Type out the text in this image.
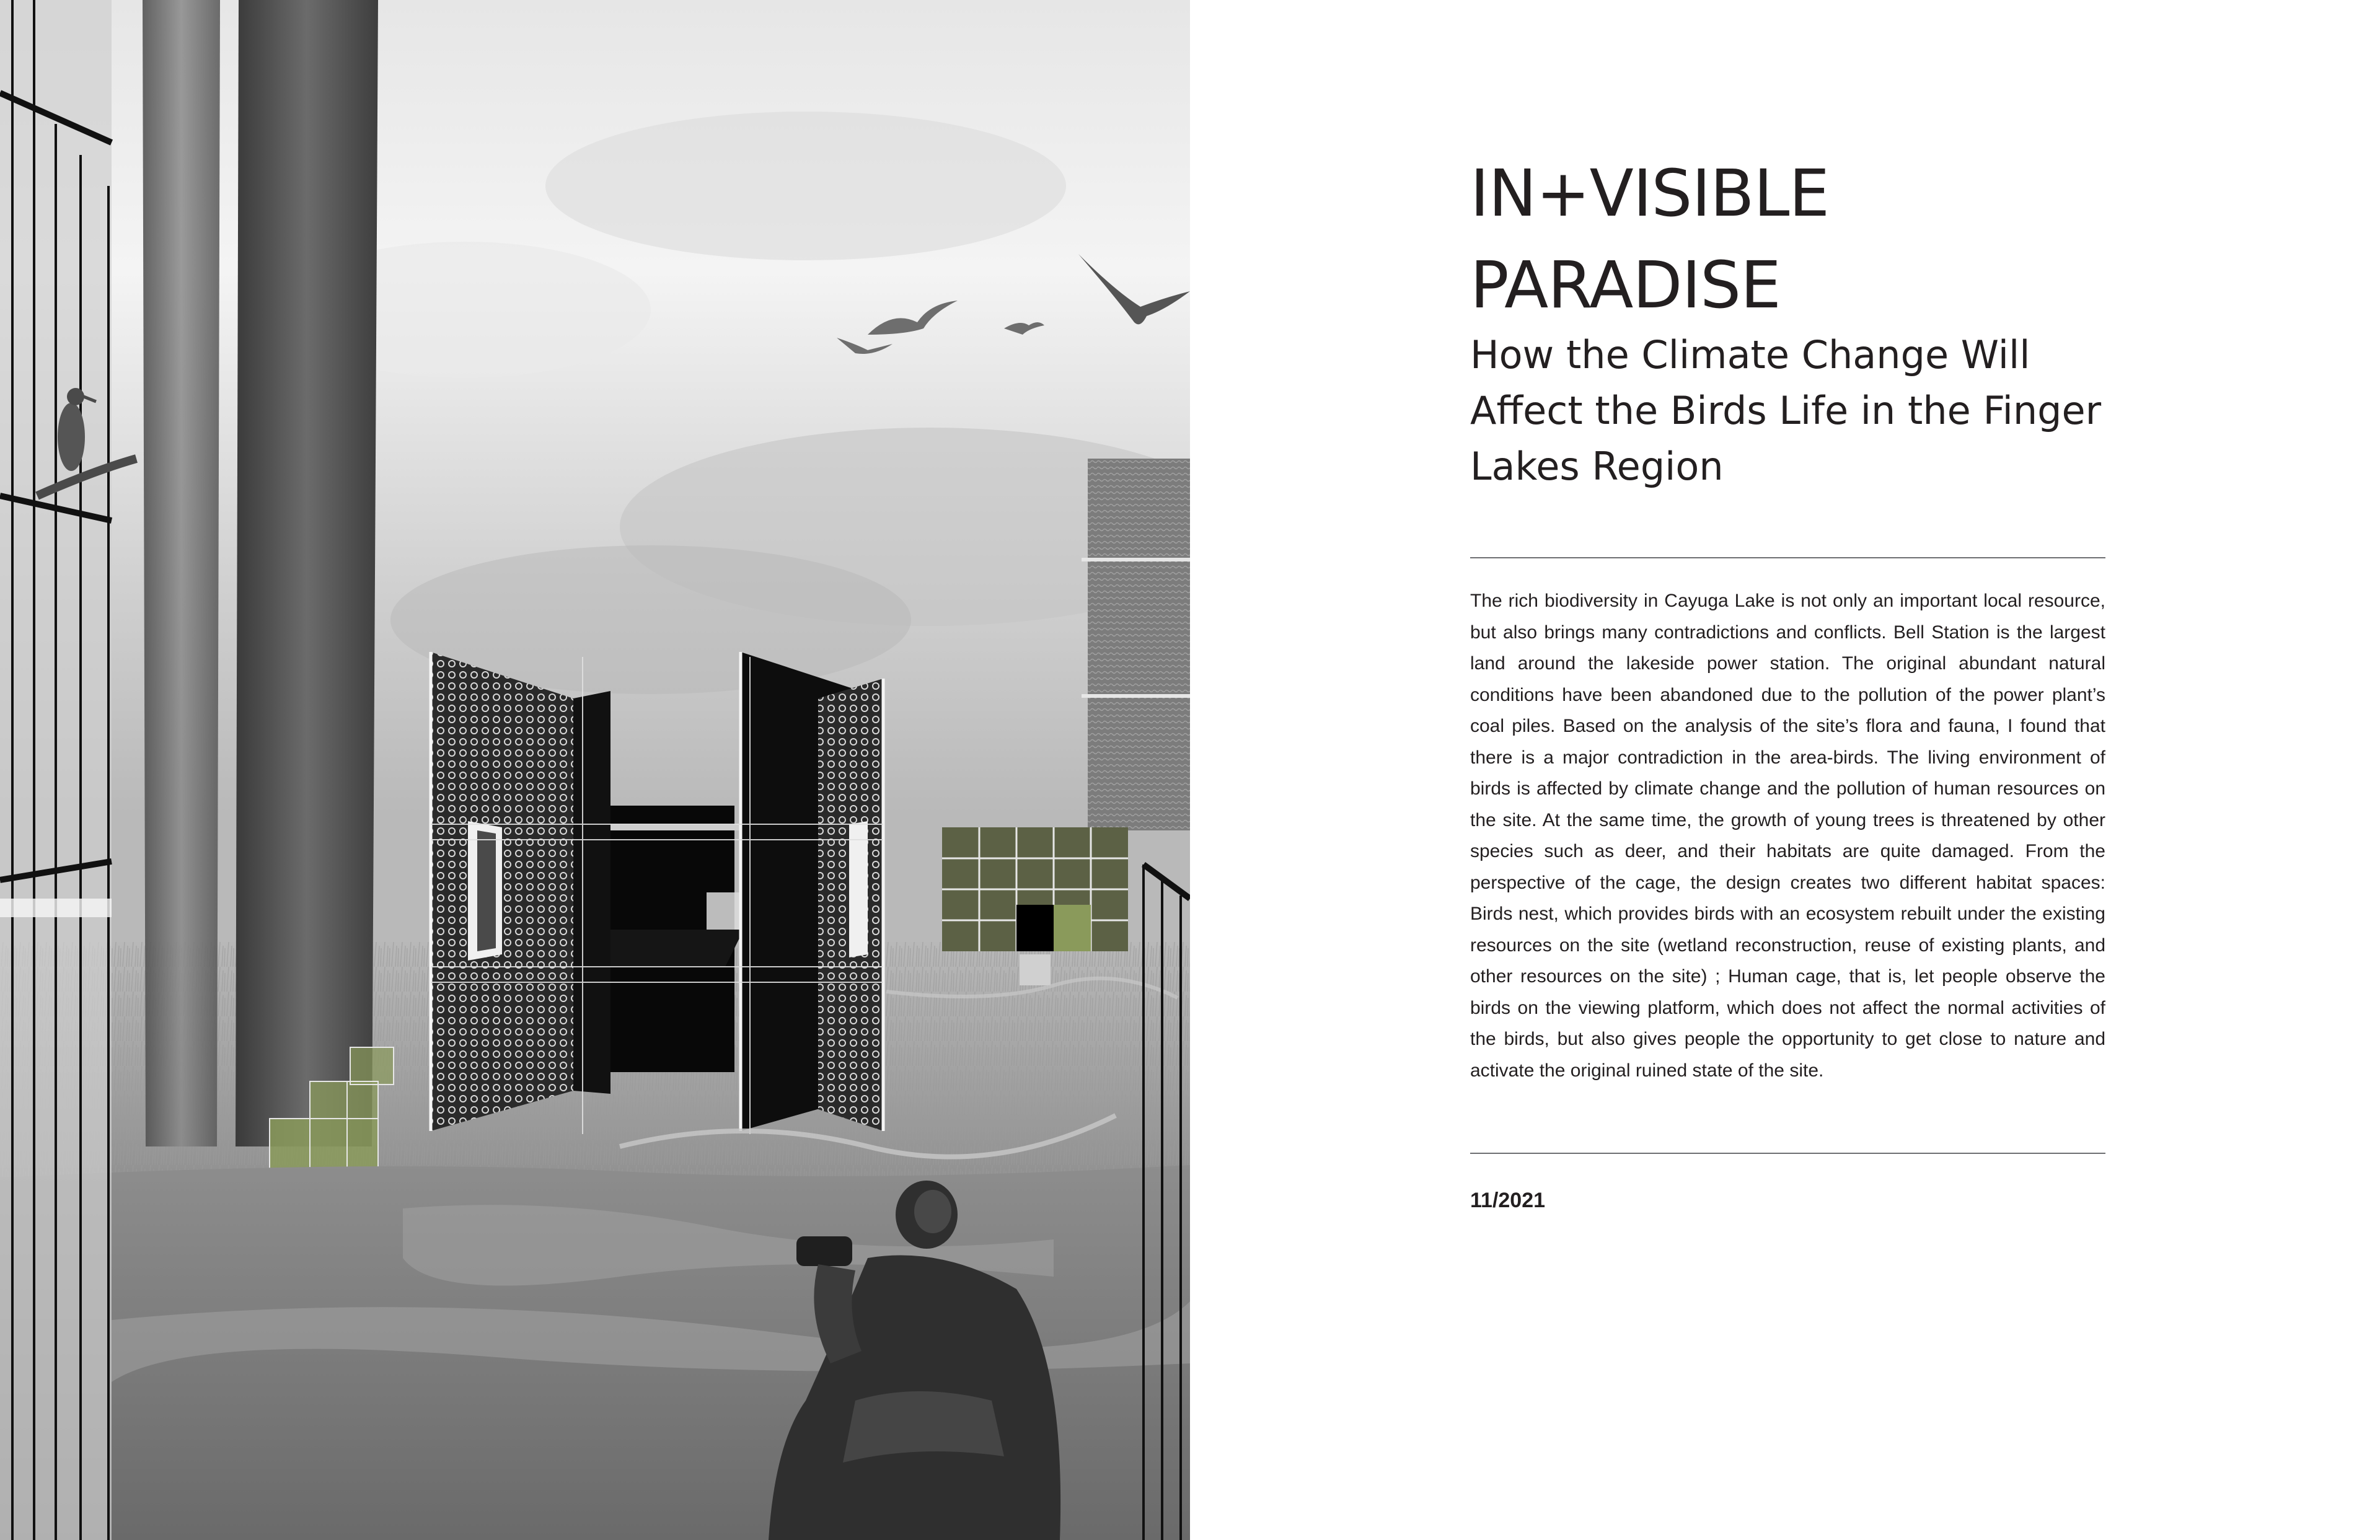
IN+VISIBLE
PARADISE

How the Climate Change Will Affect the Birds Life in the Finger Lakes Region

The rich biodiversity in Cayuga Lake is not only an important local resource, but also brings many contradictions and conflicts. Bell Station is the largest land around the lakeside power station. The original abundant natural conditions have been abandoned due to the pollution of the power plant’s coal piles. Based on the analysis of the site’s flora and fauna, I found that there is a major contradiction in the area-birds. The living environment of birds is affected by climate change and the pollution of human resources on the site. At the same time, the growth of young trees is threatened by other species such as deer, and their habitats are quite damaged. From the perspective of the cage, the design creates two different habitat spaces: Birds nest, which provides birds with an ecosystem rebuilt under the existing resources on the site (wetland reconstruction, reuse of existing plants, and other resources on the site) ; Human cage, that is, let people observe the birds on the viewing platform, which does not affect the normal activities of the birds, but also gives people the opportunity to get close to nature and activate the original ruined state of the site.

11/2021
